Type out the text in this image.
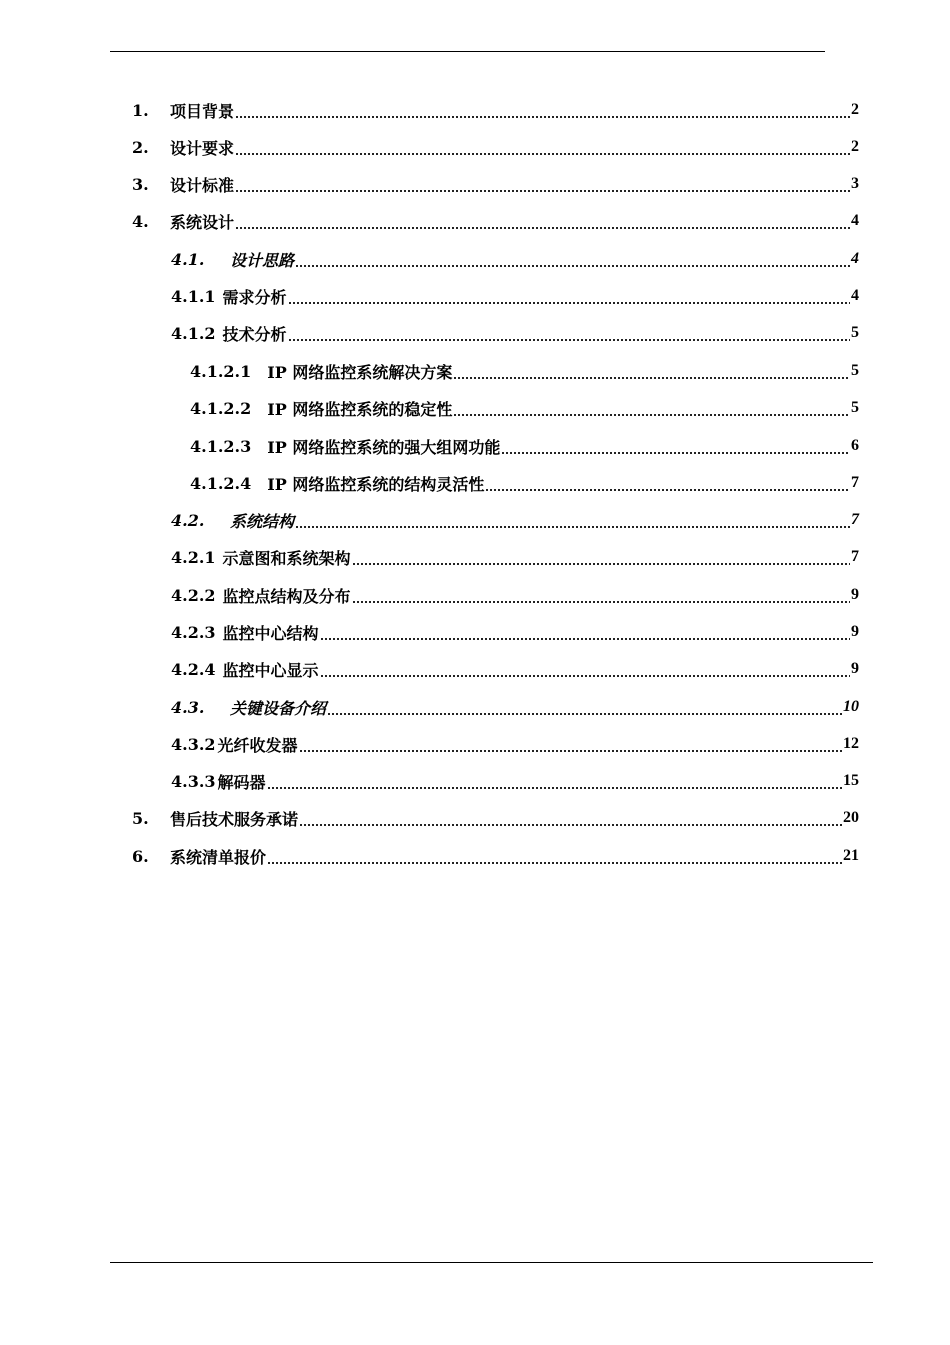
1.	项目背景	2
2.	设计要求	2
3.	设计标准	3
4.	系统设计	4
4.1.	设计思路	4
4.1.1 需求分析	4
4.1.2 技术分析	5
4.1.2.1 IP 网络监控系统解决方案	5
4.1.2.2 IP 网络监控系统的稳定性	5
4.1.2.3 IP 网络监控系统的强大组网功能	6
4.1.2.4 IP 网络监控系统的结构灵活性	7
4.2.	系统结构	7
4.2.1 示意图和系统架构	7
4.2.2 监控点结构及分布	9
4.2.3 监控中心结构	9
4.2.4 监控中心显示	9
4.3.	关键设备介绍	10
4.3.2 光纤收发器	12
4.3.3 解码器	15
5.	售后技术服务承诺	20
6.	系统清单报价	21
